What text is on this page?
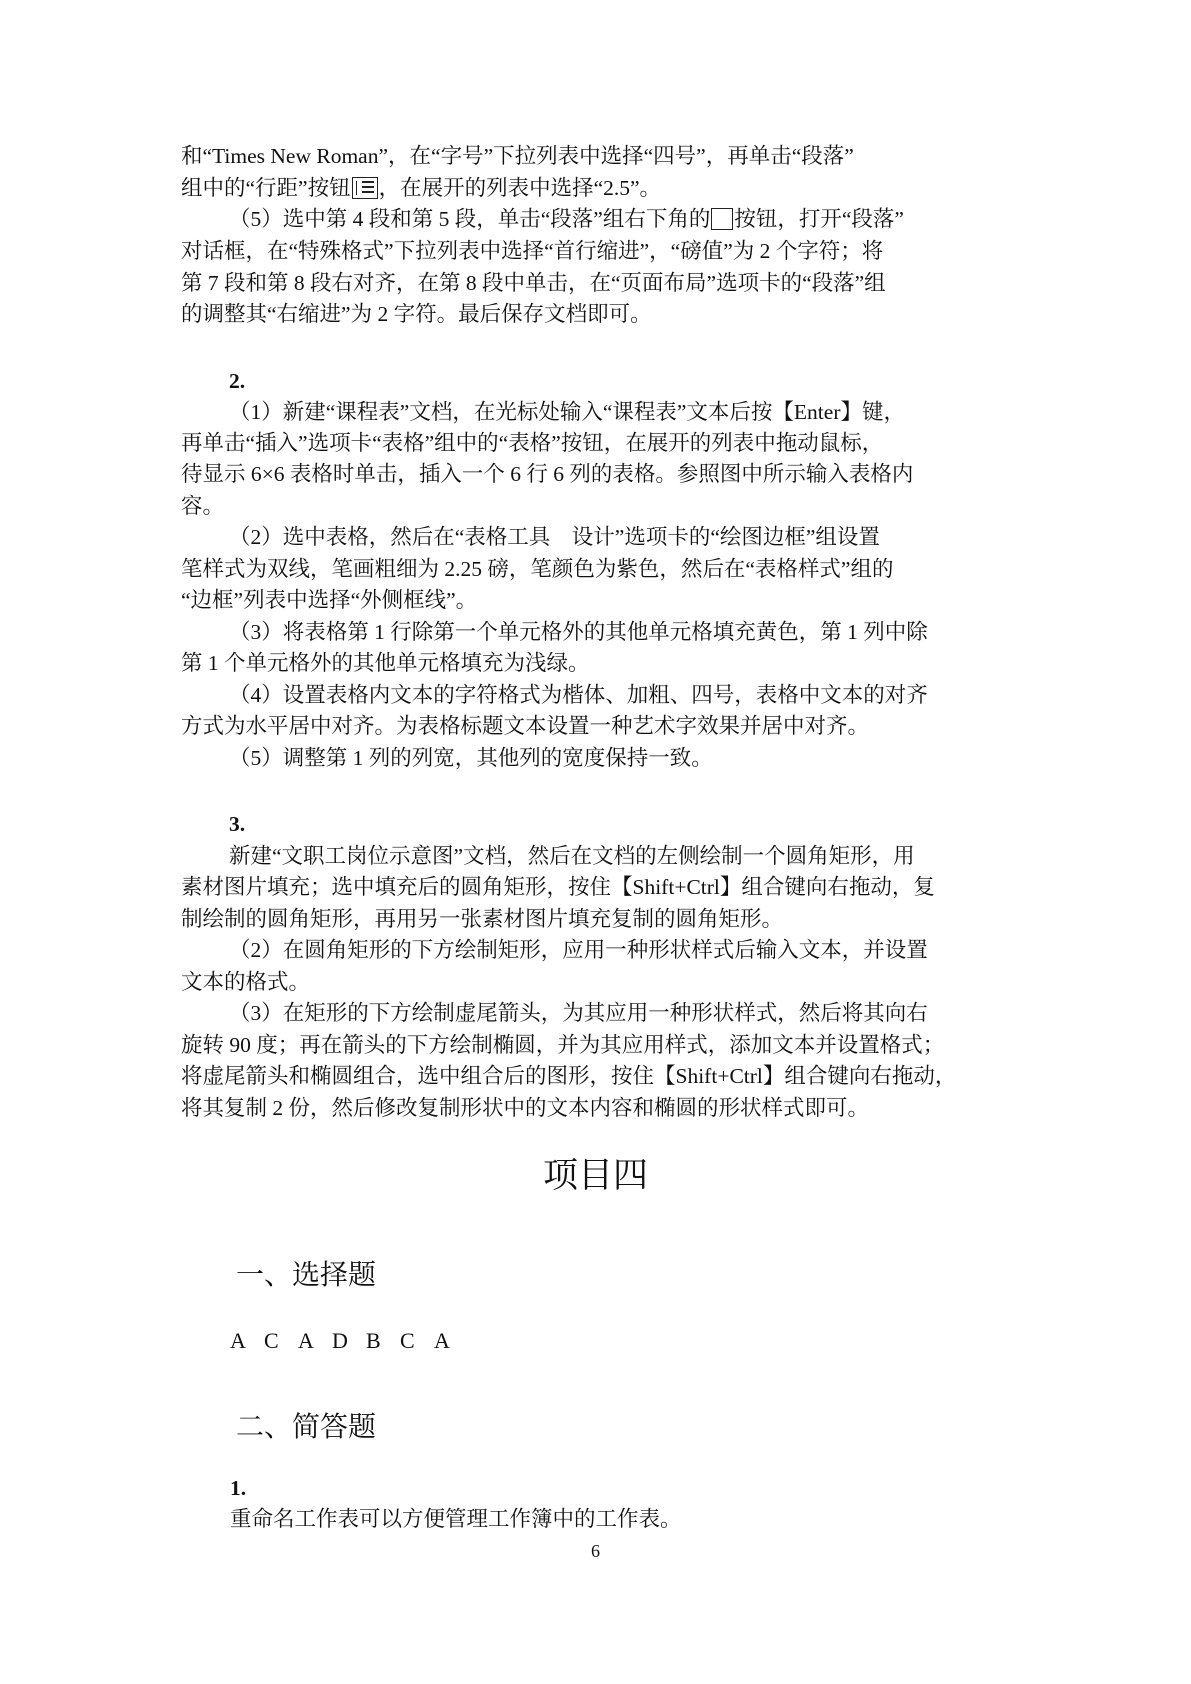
和“Times New Roman”，在“字号”下拉列表中选择“四号”，再单击“段落”
组中的“行距”按钮 ，在展开的列表中选择“2.5”。
（5）选中第 4 段和第 5 段，单击“段落”组右下角的 按钮，打开“段落”
对话框，在“特殊格式”下拉列表中选择“首行缩进”，“磅值”为 2 个字符；将
第 7 段和第 8 段右对齐，在第 8 段中单击，在“页面布局”选项卡的“段落”组
的调整其“右缩进”为 2 字符。最后保存文档即可。
2.
（1）新建“课程表”文档，在光标处输入“课程表”文本后按【Enter】键，
再单击“插入”选项卡“表格”组中的“表格”按钮，在展开的列表中拖动鼠标，
待显示 6×6 表格时单击，插入一个 6 行 6 列的表格。参照图中所示输入表格内
容。
（2）选中表格，然后在“表格工具　设计”选项卡的“绘图边框”组设置
笔样式为双线，笔画粗细为 2.25 磅，笔颜色为紫色，然后在“表格样式”组的
“边框”列表中选择“外侧框线”。
（3）将表格第 1 行除第一个单元格外的其他单元格填充黄色，第 1 列中除
第 1 个单元格外的其他单元格填充为浅绿。
（4）设置表格内文本的字符格式为楷体、加粗、四号，表格中文本的对齐
方式为水平居中对齐。为表格标题文本设置一种艺术字效果并居中对齐。
（5）调整第 1 列的列宽，其他列的宽度保持一致。
3.
新建“文职工岗位示意图”文档，然后在文档的左侧绘制一个圆角矩形，用
素材图片填充；选中填充后的圆角矩形，按住【Shift+Ctrl】组合键向右拖动，复
制绘制的圆角矩形，再用另一张素材图片填充复制的圆角矩形。
（2）在圆角矩形的下方绘制矩形，应用一种形状样式后输入文本，并设置
文本的格式。
（3）在矩形的下方绘制虚尾箭头，为其应用一种形状样式，然后将其向右
旋转 90 度；再在箭头的下方绘制椭圆，并为其应用样式，添加文本并设置格式；
将虚尾箭头和椭圆组合，选中组合后的图形，按住【Shift+Ctrl】组合键向右拖动，
将其复制 2 份，然后修改复制形状中的文本内容和椭圆的形状样式即可。
项目四
一、选择题
A C A D B C A
二、简答题
1.
重命名工作表可以方便管理工作簿中的工作表。
6
